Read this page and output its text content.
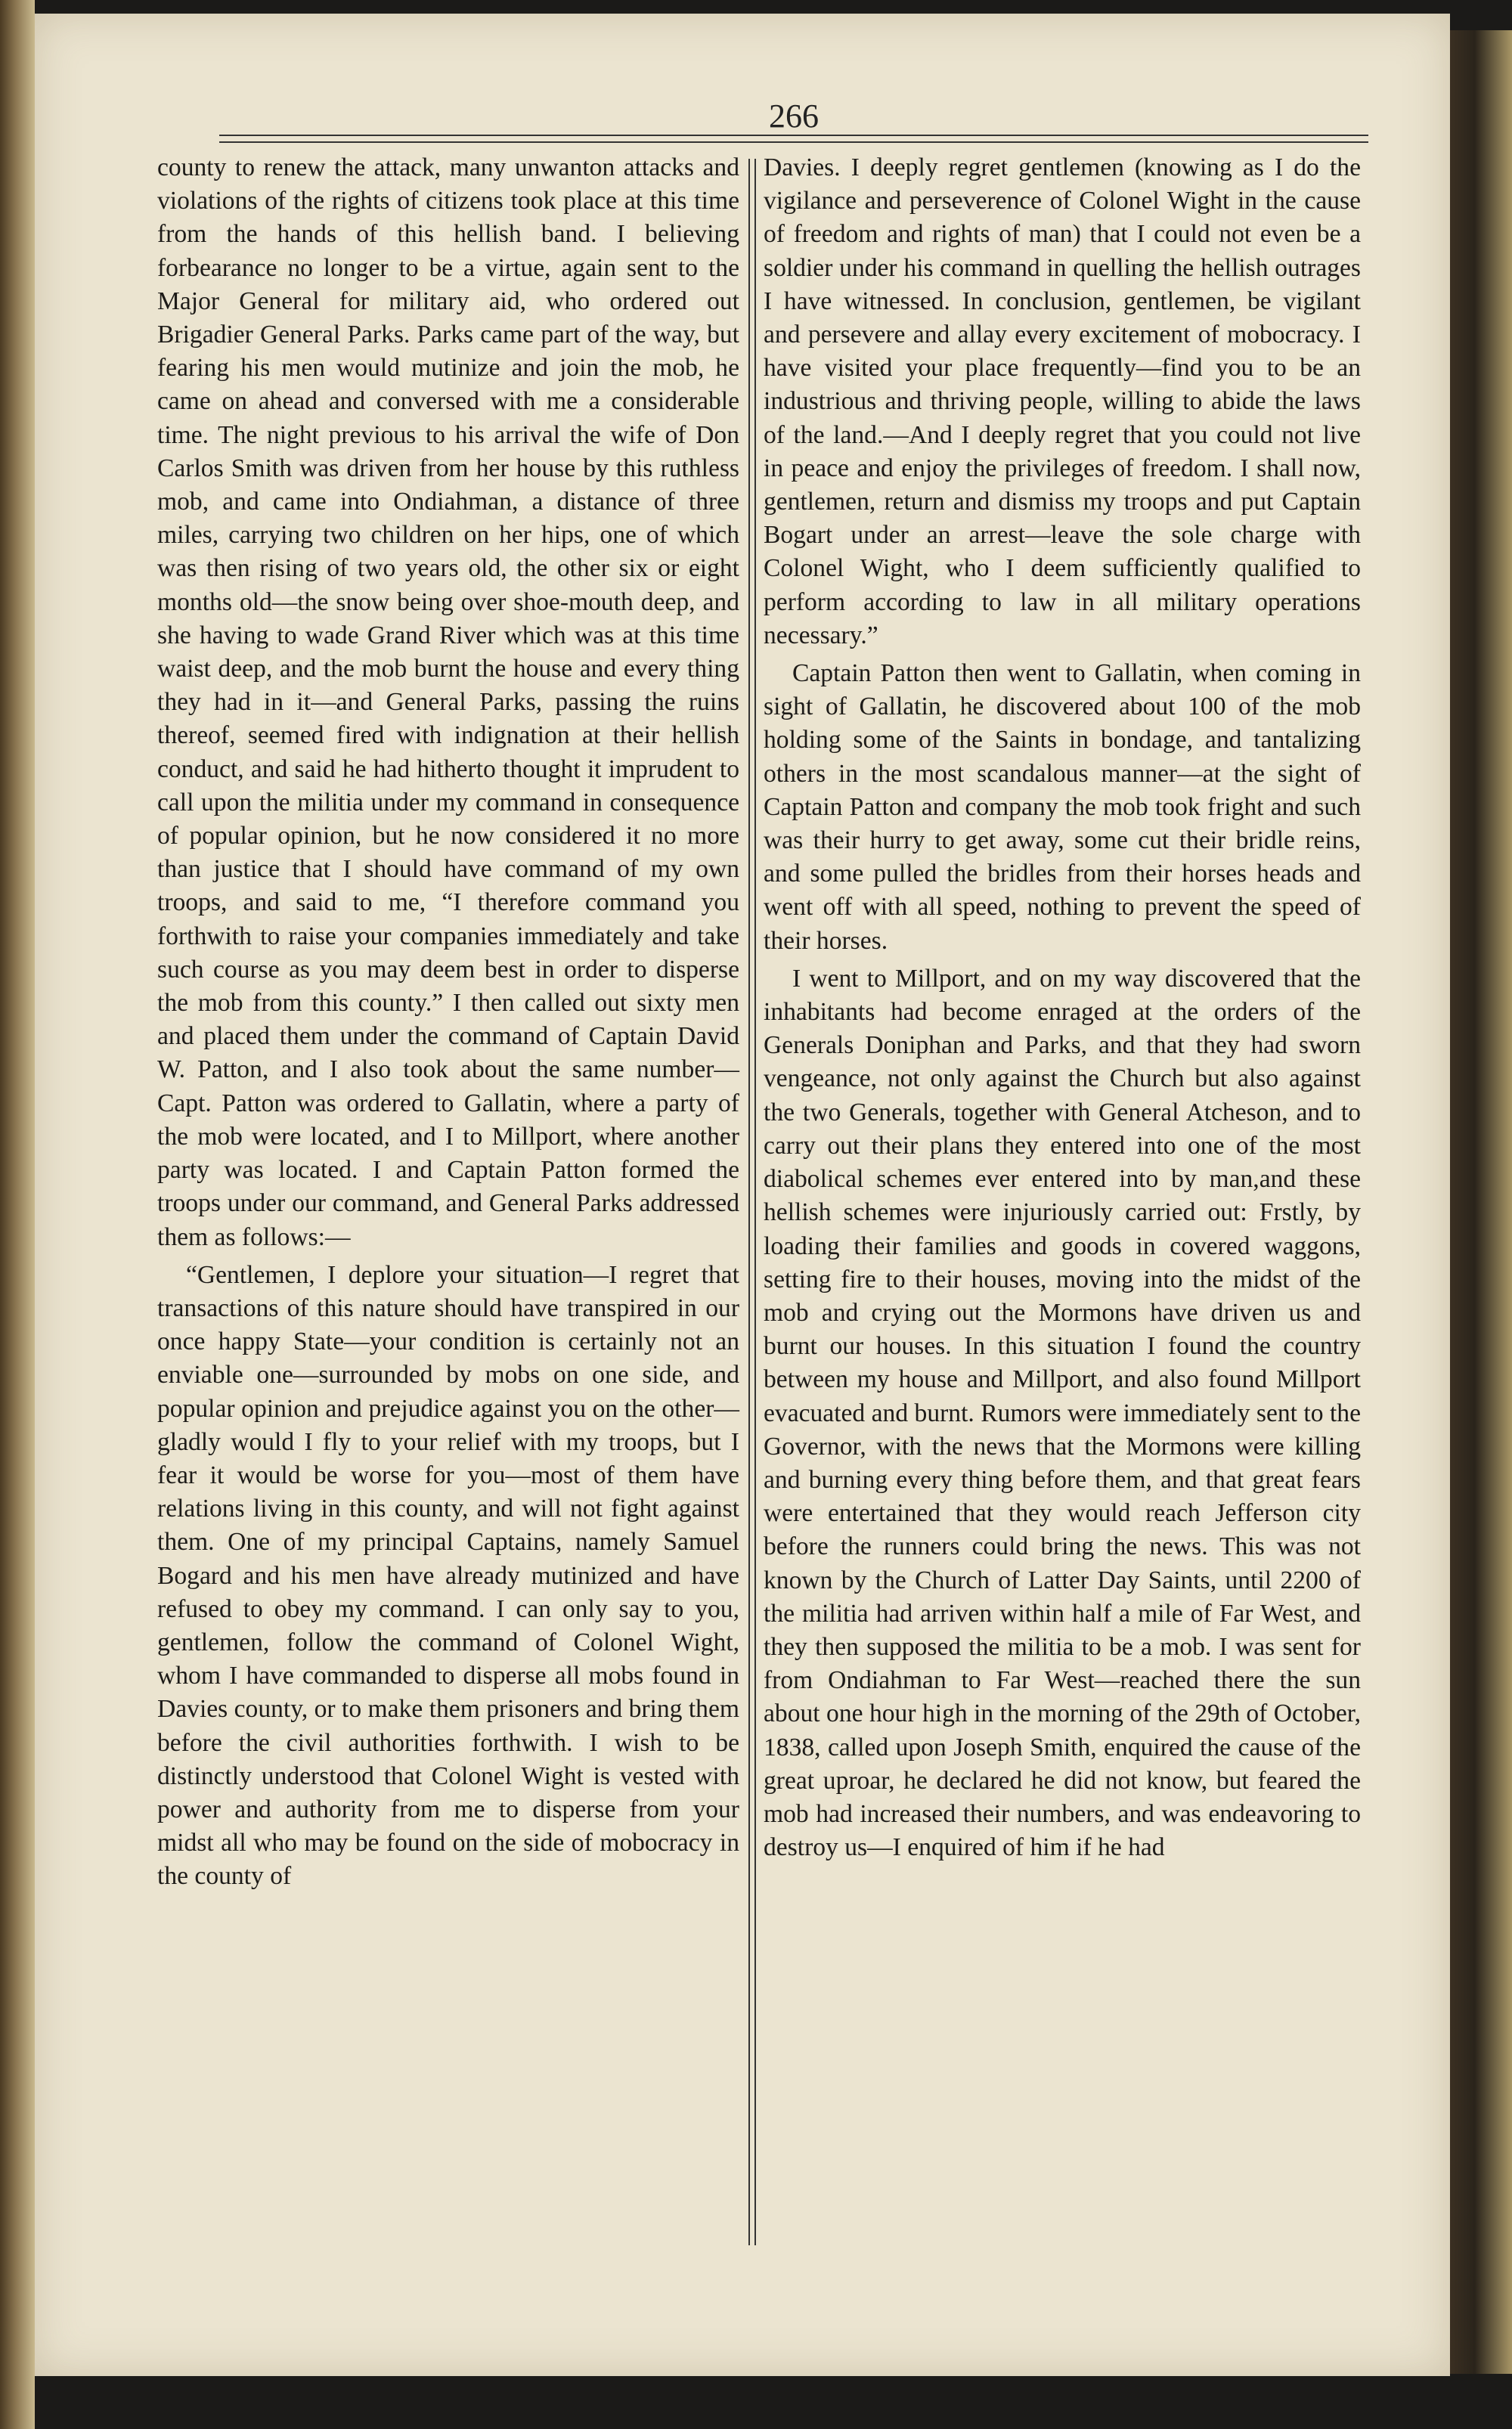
266

county to renew the attack, many unwanton attacks and violations of the rights of citizens took place at this time from the hands of this hellish band. I believing forbearance no longer to be a virtue, again sent to the Major General for military aid, who ordered out Brigadier General Parks. Parks came part of the way, but fearing his men would mutinize and join the mob, he came on ahead and conversed with me a considerable time. The night previous to his arrival the wife of Don Carlos Smith was driven from her house by this ruthless mob, and came into Ondiahman, a distance of three miles, carrying two children on her hips, one of which was then rising of two years old, the other six or eight months old—the snow being over shoe-mouth deep, and she having to wade Grand River which was at this time waist deep, and the mob burnt the house and every thing they had in it—and General Parks, passing the ruins thereof, seemed fired with indignation at their hellish conduct, and said he had hitherto thought it imprudent to call upon the militia under my command in consequence of popular opinion, but he now considered it no more than justice that I should have command of my own troops, and said to me, “I therefore command you forthwith to raise your companies immediately and take such course as you may deem best in order to disperse the mob from this county.” I then called out sixty men and placed them under the command of Captain David W. Patton, and I also took about the same number—Capt. Patton was ordered to Gallatin, where a party of the mob were located, and I to Millport, where another party was located. I and Captain Patton formed the troops under our command, and General Parks addressed them as follows:—

“Gentlemen, I deplore your situation—I regret that transactions of this nature should have transpired in our once happy State—your condition is certainly not an enviable one—surrounded by mobs on one side, and popular opinion and prejudice against you on the other—gladly would I fly to your relief with my troops, but I fear it would be worse for you—most of them have relations living in this county, and will not fight against them. One of my principal Captains, namely Samuel Bogard and his men have already mutinized and have refused to obey my command. I can only say to you, gentlemen, follow the command of Colonel Wight, whom I have commanded to disperse all mobs found in Davies county, or to make them prisoners and bring them before the civil authorities forthwith. I wish to be distinctly understood that Colonel Wight is vested with power and authority from me to disperse from your midst all who may be found on the side of mobocracy in the county of

Davies. I deeply regret gentlemen (knowing as I do the vigilance and perseverence of Colonel Wight in the cause of freedom and rights of man) that I could not even be a soldier under his command in quelling the hellish outrages I have witnessed. In conclusion, gentlemen, be vigilant and persevere and allay every excitement of mobocracy. I have visited your place frequently—find you to be an industrious and thriving people, willing to abide the laws of the land.—And I deeply regret that you could not live in peace and enjoy the privileges of freedom. I shall now, gentlemen, return and dismiss my troops and put Captain Bogart under an arrest—leave the sole charge with Colonel Wight, who I deem sufficiently qualified to perform according to law in all military operations necessary.”

Captain Patton then went to Gallatin, when coming in sight of Gallatin, he discovered about 100 of the mob holding some of the Saints in bondage, and tantalizing others in the most scandalous manner—at the sight of Captain Patton and company the mob took fright and such was their hurry to get away, some cut their bridle reins, and some pulled the bridles from their horses heads and went off with all speed, nothing to prevent the speed of their horses.

I went to Millport, and on my way discovered that the inhabitants had become enraged at the orders of the Generals Doniphan and Parks, and that they had sworn vengeance, not only against the Church but also against the two Generals, together with General Atcheson, and to carry out their plans they entered into one of the most diabolical schemes ever entered into by man,and these hellish schemes were injuriously carried out: Frstly, by loading their families and goods in covered waggons, setting fire to their houses, moving into the midst of the mob and crying out the Mormons have driven us and burnt our houses. In this situation I found the country between my house and Millport, and also found Millport evacuated and burnt. Rumors were immediately sent to the Governor, with the news that the Mormons were killing and burning every thing before them, and that great fears were entertained that they would reach Jefferson city before the runners could bring the news. This was not known by the Church of Latter Day Saints, until 2200 of the militia had arriven within half a mile of Far West, and they then supposed the militia to be a mob. I was sent for from Ondiahman to Far West—reached there the sun about one hour high in the morning of the 29th of October, 1838, called upon Joseph Smith, enquired the cause of the great uproar, he declared he did not know, but feared the mob had increased their numbers, and was endeavoring to destroy us—I enquired of him if he had
